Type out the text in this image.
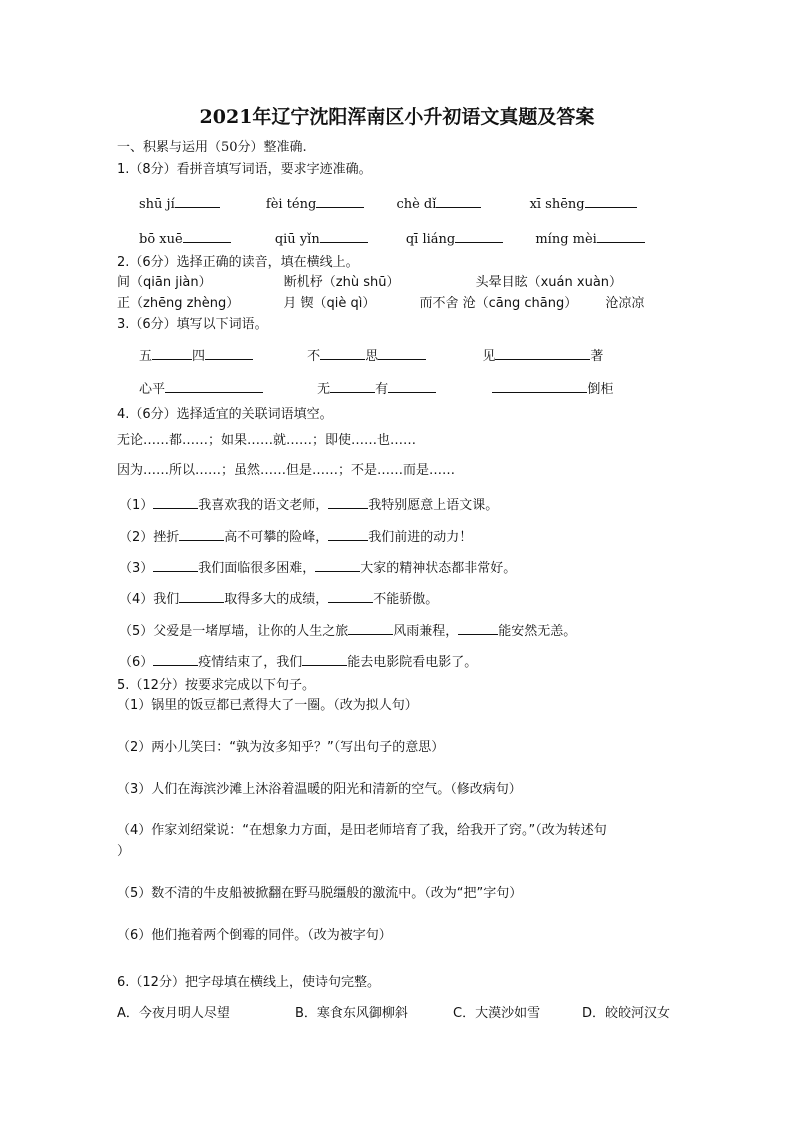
2021年辽宁沈阳浑南区小升初语文真题及答案
一、积累与运用（50分）整准确.
1.（8分）看拼音填写词语，要求字迹准确。
shū jí	fèi téng	chè dǐ	xī shēng
bō xuē	qiū yǐn	qī liáng	míng mèi
2.（6分）选择正确的读音，填在横线上。
间（qiān jiàn）	断机杼（zhù shū）	头晕目眩（xuán xuàn）
正（zhēng zhèng）	月 锲（qiè qì）	而不舍 沧（cāng chāng） 沧凉凉
3.（6分）填写以下词语。
五	四	不	思	见	著
心平	无	有	倒柜
4.（6分）选择适宜的关联词语填空。
无论……都……；如果……就……；即使……也……
因为……所以……；虽然……但是……；不是……而是……
（1）	我喜欢我的语文老师，	我特别愿意上语文课。
（2）挫折	高不可攀的险峰，	我们前进的动力！
（3）	我们面临很多困难，	大家的精神状态都非常好。
（4）我们	取得多大的成绩，	不能骄傲。
（5）父爱是一堵厚墙，让你的人生之旅	风雨兼程，	能安然无恙。
（6）	疫情结束了，我们	能去电影院看电影了。
5.（12分）按要求完成以下句子。
（1）锅里的饭豆都已煮得大了一圈。（改为拟人句）
（2）两小儿笑曰：“孰为汝多知乎？”（写出句子的意思）
（3）人们在海滨沙滩上沐浴着温暖的阳光和清新的空气。（修改病句）
（4）作家刘绍棠说：“在想象力方面，是田老师培育了我，给我开了窍。”（改为转述句
）
（5）数不清的牛皮船被掀翻在野马脱缰般的激流中。（改为“把”字句）
（6）他们拖着两个倒霉的同伴。（改为被字句）
6.（12分）把字母填在横线上，使诗句完整。
A．今夜月明人尽望	B．寒食东风御柳斜	C．大漠沙如雪	D．皎皎河汉女
